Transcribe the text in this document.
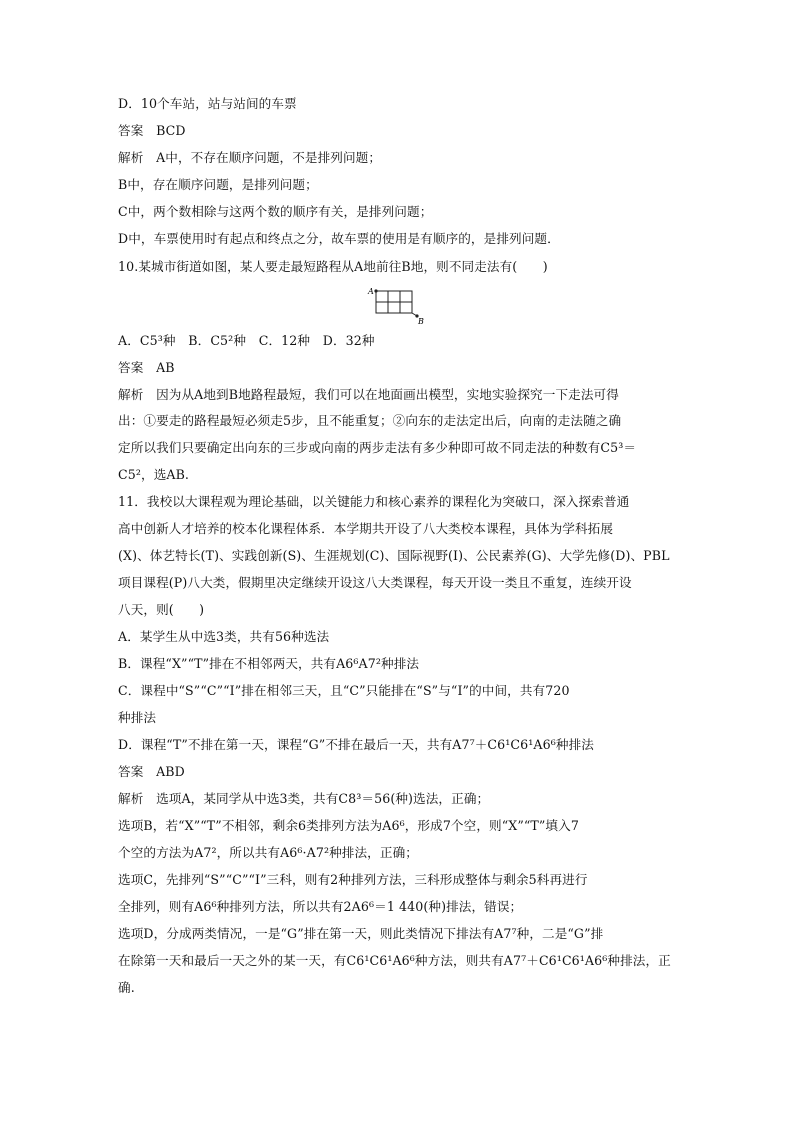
D．10个车站，站与站间的车票
答案　BCD
解析　A中，不存在顺序问题，不是排列问题；
B中，存在顺序问题，是排列问题；
C中，两个数相除与这两个数的顺序有关，是排列问题；
D中，车票使用时有起点和终点之分，故车票的使用是有顺序的，是排列问题．
10.某城市街道如图，某人要走最短路程从A地前往B地，则不同走法有(　　)
A
B
A．C5³种　B．C5²种　C．12种　D．32种
答案　AB
解析　因为从A地到B地路程最短，我们可以在地面画出模型，实地实验探究一下走法可得
出：①要走的路程最短必须走5步，且不能重复；②向东的走法定出后，向南的走法随之确
定所以我们只要确定出向东的三步或向南的两步走法有多少种即可故不同走法的种数有C5³＝
C5²，选AB.
11．我校以大课程观为理论基础，以关键能力和核心素养的课程化为突破口，深入探索普通
高中创新人才培养的校本化课程体系．本学期共开设了八大类校本课程，具体为学科拓展
(X)、体艺特长(T)、实践创新(S)、生涯规划(C)、国际视野(I)、公民素养(G)、大学先修(D)、PBL
项目课程(P)八大类，假期里决定继续开设这八大类课程，每天开设一类且不重复，连续开设
八天，则(　　)
A．某学生从中选3类，共有56种选法
B．课程“X”“T”排在不相邻两天，共有A6⁶A7²种排法
C．课程中“S”“C”“I”排在相邻三天，且“C”只能排在“S”与“I”的中间，共有720
种排法
D．课程“T”不排在第一天，课程“G”不排在最后一天，共有A7⁷＋C6¹C6¹A6⁶种排法
答案　ABD
解析　选项A，某同学从中选3类，共有C8³＝56(种)选法，正确；
选项B，若“X”“T”不相邻，剩余6类排列方法为A6⁶，形成7个空，则“X”“T”填入7
个空的方法为A7²，所以共有A6⁶·A7²种排法，正确；
选项C，先排列“S”“C”“I”三科，则有2种排列方法，三科形成整体与剩余5科再进行
全排列，则有A6⁶种排列方法，所以共有2A6⁶＝1 440(种)排法，错误；
选项D，分成两类情况，一是“G”排在第一天，则此类情况下排法有A7⁷种，二是“G”排
在除第一天和最后一天之外的某一天，有C6¹C6¹A6⁶种方法，则共有A7⁷＋C6¹C6¹A6⁶种排法，正
确.
